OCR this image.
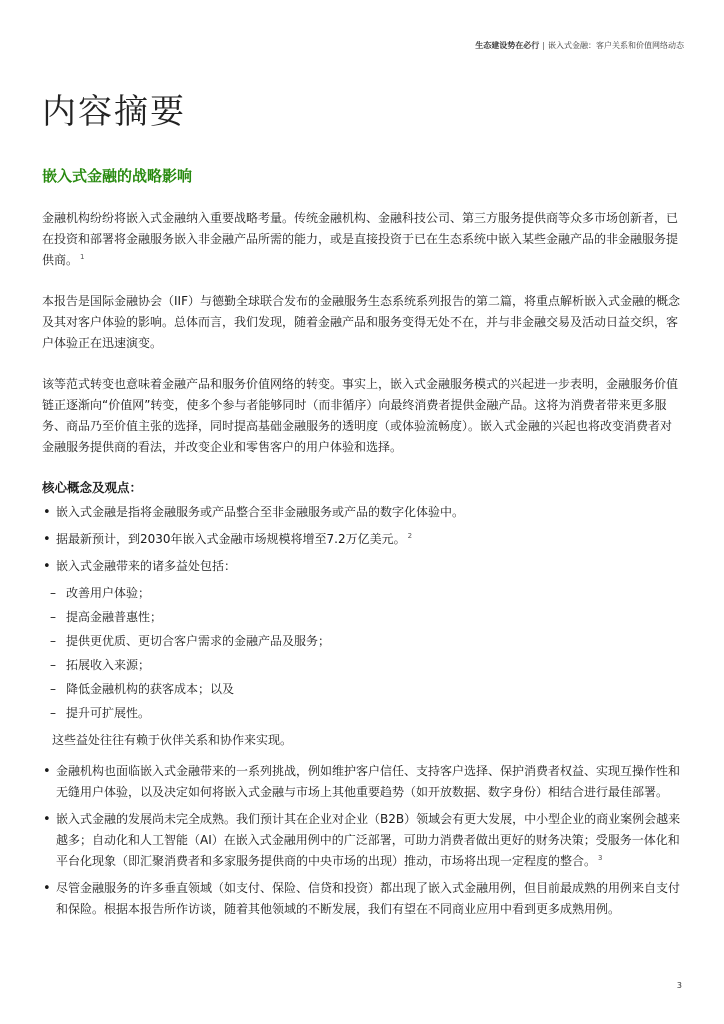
生态建设势在必行 | 嵌入式金融：客户关系和价值网络动态
内容摘要
嵌入式金融的战略影响

金融机构纷纷将嵌入式金融纳入重要战略考量。传统金融机构、金融科技公司、第三方服务提供商等众多市场创新者，已在投资和部署将金融服务嵌入非金融产品所需的能力，或是直接投资于已在生态系统中嵌入某些金融产品的非金融服务提供商。 $^1$

本报告是国际金融协会（IIF）与德勤全球联合发布的金融服务生态系统系列报告的第二篇，将重点解析嵌入式金融的概念及其对客户体验的影响。总体而言，我们发现，随着金融产品和服务变得无处不在，并与非金融交易及活动日益交织，客户体验正在迅速演变。

该等范式转变也意味着金融产品和服务价值网络的转变。事实上，嵌入式金融服务模式的兴起进一步表明，金融服务价值链正逐渐向“价值网”转变，使多个参与者能够同时（而非循序）向最终消费者提供金融产品。这将为消费者带来更多服务、商品乃至价值主张的选择，同时提高基础金融服务的透明度（或体验流畅度）。嵌入式金融的兴起也将改变消费者对金融服务提供商的看法，并改变企业和零售客户的用户体验和选择。

核心概念及观点：
• 嵌入式金融是指将金融服务或产品整合至非金融服务或产品的数字化体验中。
• 据最新预计，到2030年嵌入式金融市场规模将增至7.2万亿美元。 $^2$
• 嵌入式金融带来的诸多益处包括：
– 改善用户体验；
– 提高金融普惠性；
– 提供更优质、更切合客户需求的金融产品及服务；
– 拓展收入来源；
– 降低金融机构的获客成本；以及
– 提升可扩展性。

这些益处往往有赖于伙伴关系和协作来实现。

• 金融机构也面临嵌入式金融带来的一系列挑战，例如维护客户信任、支持客户选择、保护消费者权益、实现互操作性和无缝用户体验，以及决定如何将嵌入式金融与市场上其他重要趋势（如开放数据、数字身份）相结合进行最佳部署。
• 嵌入式金融的发展尚未完全成熟。我们预计其在企业对企业（B2B）领域会有更大发展，中小型企业的商业案例会越来越多；自动化和人工智能（AI）在嵌入式金融用例中的广泛部署，可助力消费者做出更好的财务决策；受服务一体化和平台化现象（即汇聚消费者和多家服务提供商的中央市场的出现）推动，市场将出现一定程度的整合。 $^3$
• 尽管金融服务的许多垂直领域（如支付、保险、信贷和投资）都出现了嵌入式金融用例，但目前最成熟的用例来自支付和保险。根据本报告所作访谈，随着其他领域的不断发展，我们有望在不同商业应用中看到更多成熟用例。
3
